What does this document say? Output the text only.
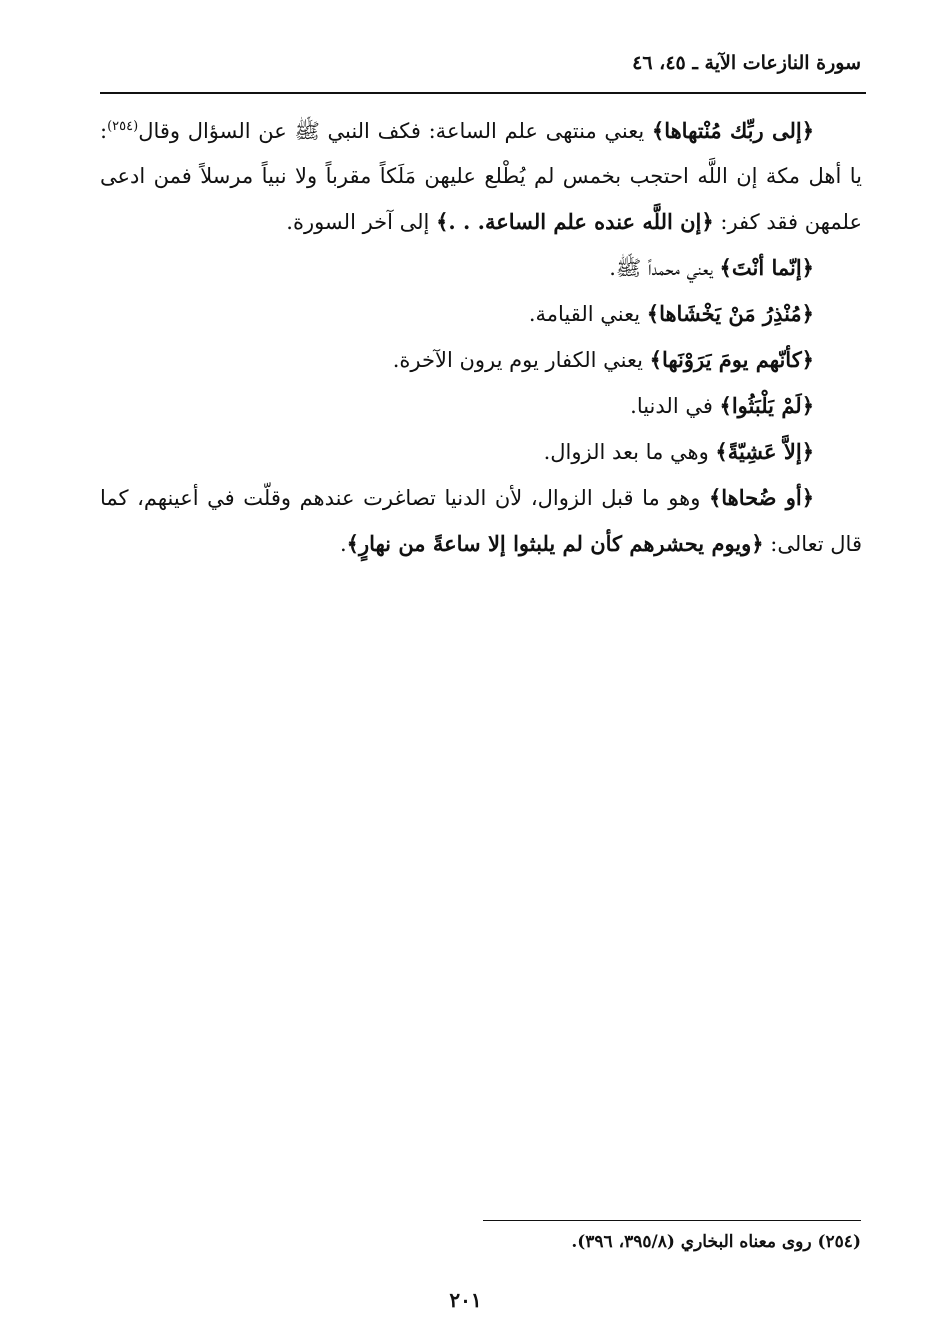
سورة النازعات الآية ـ ٤٥، ٤٦

﴿إلى ربِّك مُنْتهاها﴾ يعني منتهى علم الساعة: فكف النبي ﷺ عن السؤال وقال$^{(٢٥٤)}$: يا أهل مكة إن اللَّه احتجب بخمس لم يُطْلع عليهن مَلَكاً مقرباً ولا نبياً مرسلاً فمن ادعى علمهن فقد كفر: ﴿إن اللَّه عنده علم الساعة. . .﴾ إلى آخر السورة.

﴿إنّما أنْتَ﴾ يعني محمداً ﷺ.

﴿مُنْذِرُ مَنْ يَخْشَاها﴾ يعني القيامة.

﴿كأنّهم يومَ يَرَوْنَها﴾ يعني الكفار يوم يرون الآخرة.

﴿لَمْ يَلْبَثُوا﴾ في الدنيا.

﴿إلاَّ عَشِيّةً﴾ وهي ما بعد الزوال.

﴿أو ضُحاها﴾ وهو ما قبل الزوال، لأن الدنيا تصاغرت عندهم وقلّت في أعينهم، كما قال تعالى: ﴿ويوم يحشرهم كأن لم يلبثوا إلا ساعةً من نهارٍ﴾.

(٢٥٤) روى معناه البخاري (٣٩٥/٨، ٣٩٦).
٢٠١
